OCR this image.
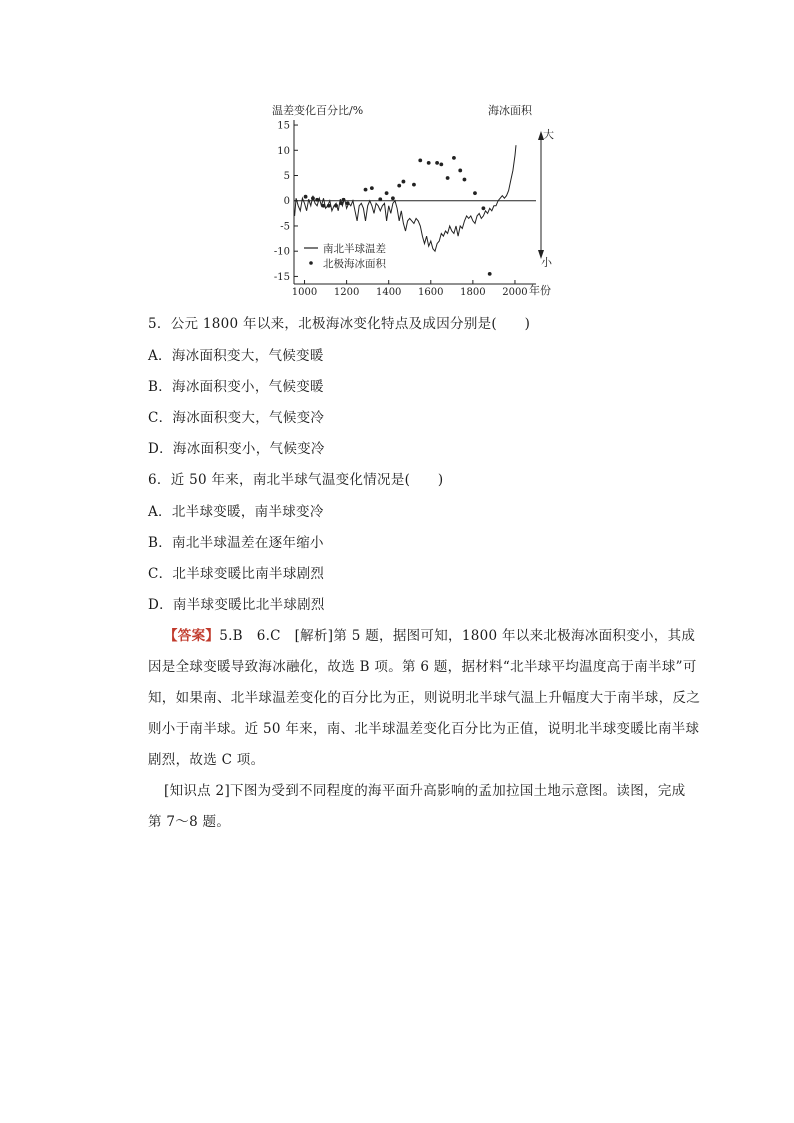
温差变化百分比/%	海冰面积
大
小
年份
15
10
5
0
-5
-10
-15
1000 1200 1400 1600 1800 2000
南北半球温差
北极海冰面积
5．公元 1800 年以来，北极海冰变化特点及成因分别是(　　)
A．海冰面积变大，气候变暖
B．海冰面积变小，气候变暖
C．海冰面积变大，气候变冷
D．海冰面积变小，气候变冷
6．近 50 年来，南北半球气温变化情况是(　　)
A．北半球变暖，南半球变冷
B．南北半球温差在逐年缩小
C．北半球变暖比南半球剧烈
D．南半球变暖比北半球剧烈
【答案】5.B　6.C　[解析]第 5 题，据图可知，1800 年以来北极海冰面积变小，其成
因是全球变暖导致海冰融化，故选 B 项。第 6 题，据材料“北半球平均温度高于南半球”可
知，如果南、北半球温差变化的百分比为正，则说明北半球气温上升幅度大于南半球，反之
则小于南半球。近 50 年来，南、北半球温差变化百分比为正值，说明北半球变暖比南半球
剧烈，故选 C 项。
[知识点 2]下图为受到不同程度的海平面升高影响的孟加拉国土地示意图。读图，完成
第 7～8 题。
